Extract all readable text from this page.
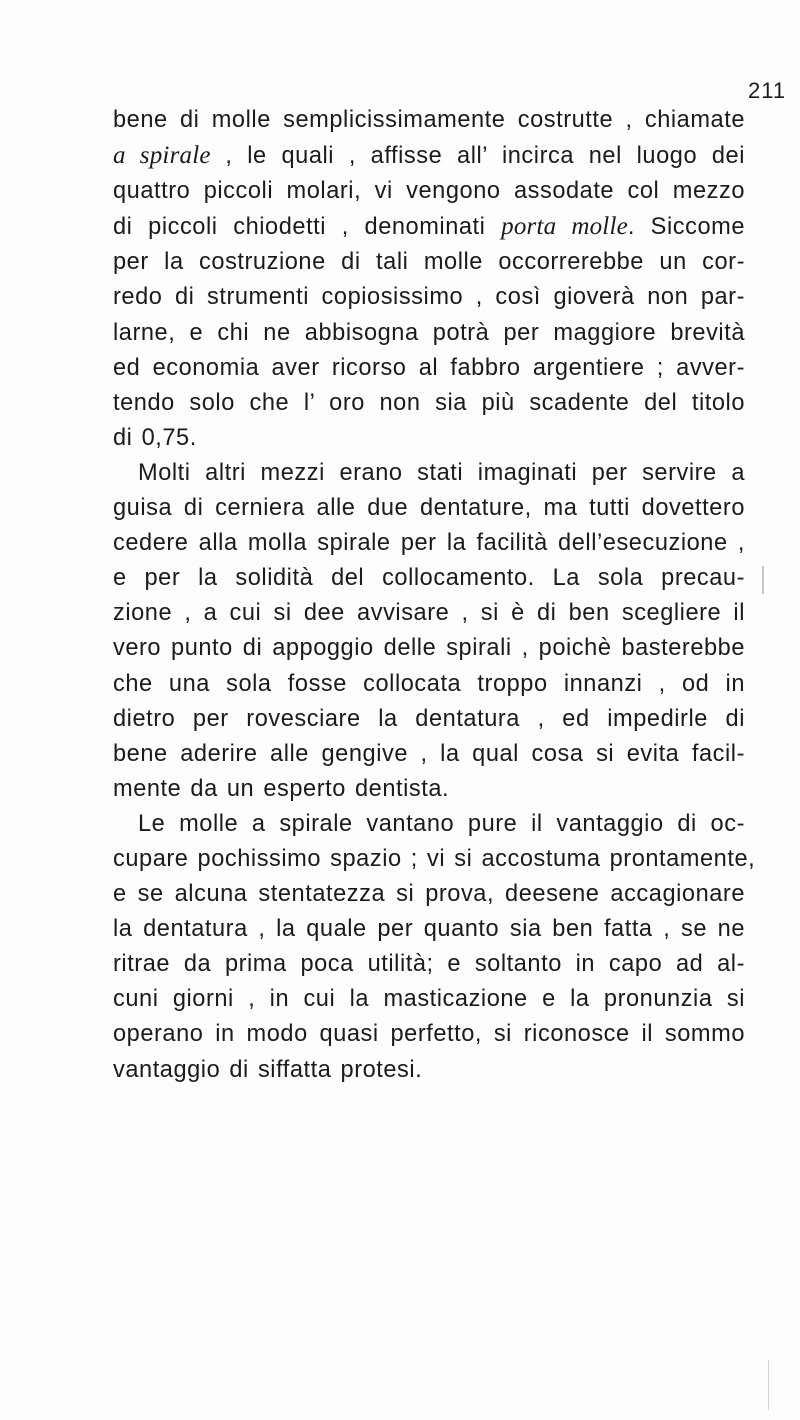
211

bene di molle semplicissimamente costrutte , chiamate
a spirale , le quali , affisse all’ incirca nel luogo dei
quattro piccoli molari, vi vengono assodate col mezzo
di piccoli chiodetti , denominati porta molle. Siccome
per la costruzione di tali molle occorrerebbe un cor-
redo di strumenti copiosissimo , così gioverà non par-
larne, e chi ne abbisogna potrà per maggiore brevità
ed economia aver ricorso al fabbro argentiere ; avver-
tendo solo che l’ oro non sia più scadente del titolo
di 0,75.

Molti altri mezzi erano stati imaginati per servire a
guisa di cerniera alle due dentature, ma tutti dovettero
cedere alla molla spirale per la facilità dell’esecuzione ,
e per la solidità del collocamento. La sola precau-
zione , a cui si dee avvisare , si è di ben scegliere il
vero punto di appoggio delle spirali , poichè basterebbe
che una sola fosse collocata troppo innanzi , od in
dietro per rovesciare la dentatura , ed impedirle di
bene aderire alle gengive , la qual cosa si evita facil-
mente da un esperto dentista.

Le molle a spirale vantano pure il vantaggio di oc-
cupare pochissimo spazio ; vi si accostuma prontamente,
e se alcuna stentatezza si prova, deesene accagionare
la dentatura , la quale per quanto sia ben fatta , se ne
ritrae da prima poca utilità; e soltanto in capo ad al-
cuni giorni , in cui la masticazione e la pronunzia si
operano in modo quasi perfetto, si riconosce il sommo
vantaggio di siffatta protesi.
